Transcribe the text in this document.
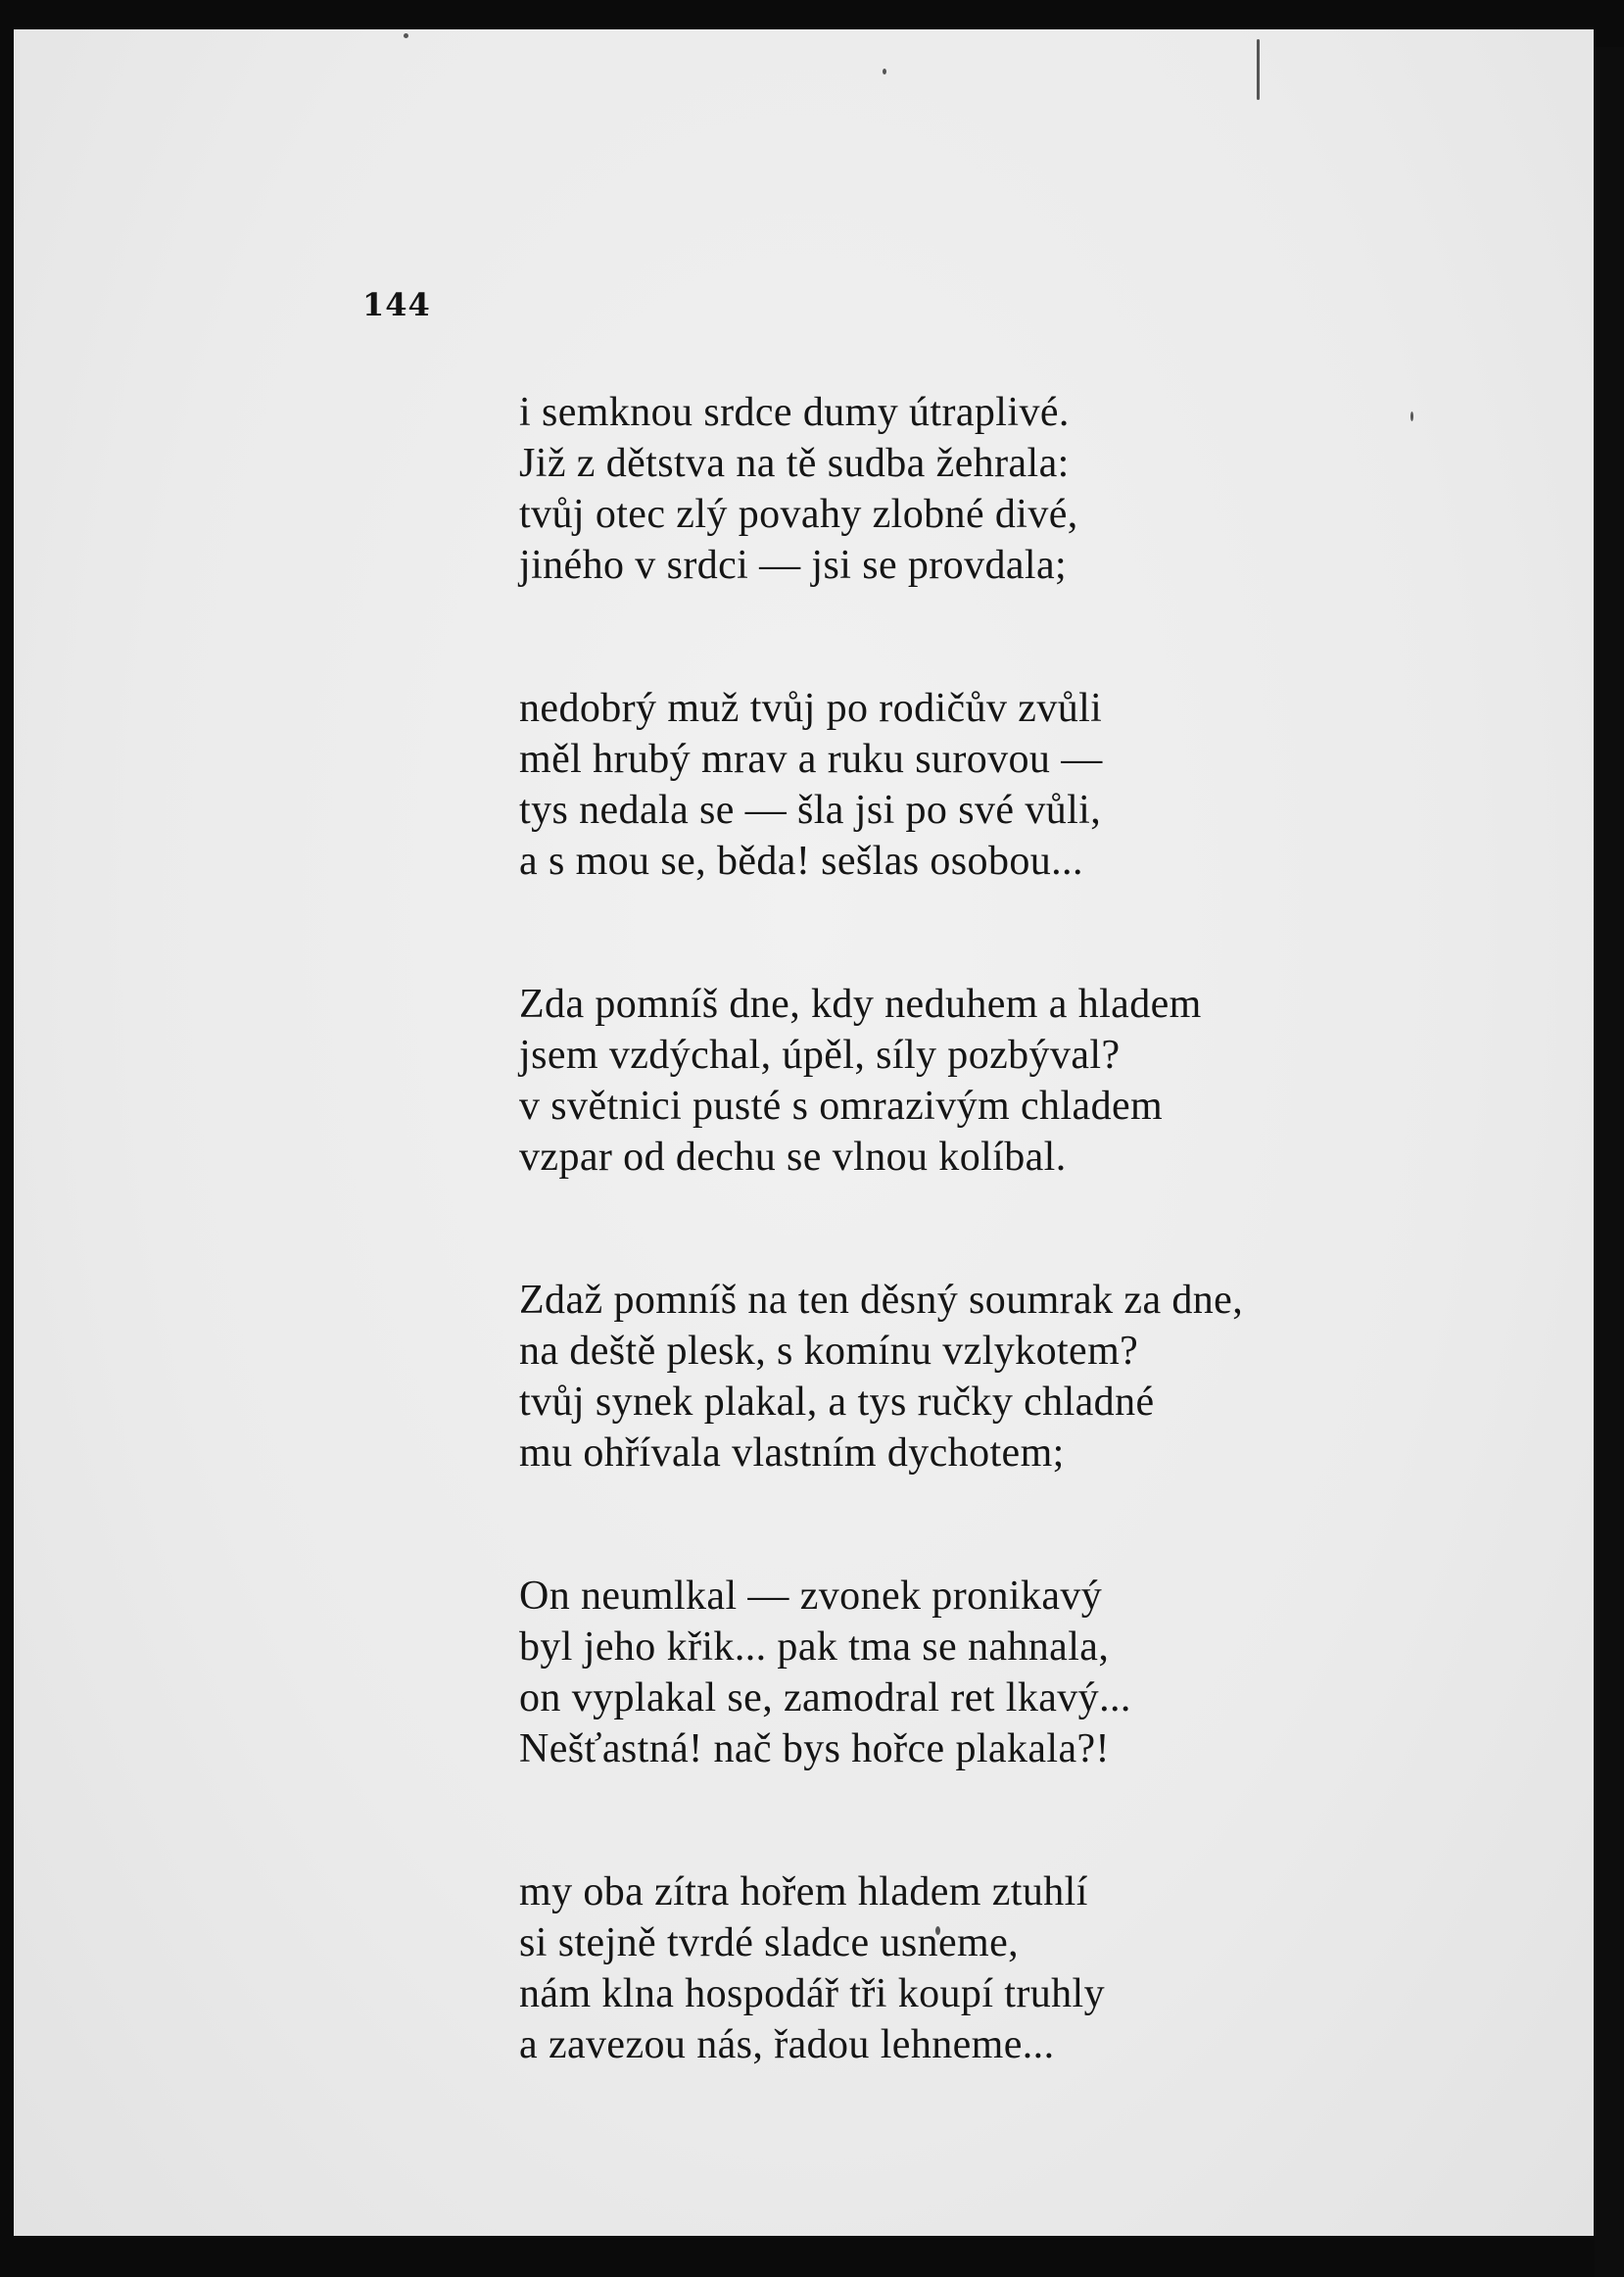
144
i semknou srdce dumy útraplivé.
Již z dětstva na tě sudba žehrala:
tvůj otec zlý povahy zlobné divé,
jiného v srdci — jsi se provdala;
nedobrý muž tvůj po rodičův zvůli
měl hrubý mrav a ruku surovou —
tys nedala se — šla jsi po své vůli,
a s mou se, běda! sešlas osobou...
Zda pomníš dne, kdy neduhem a hladem
jsem vzdýchal, úpěl, síly pozbýval?
v světnici pusté s omrazivým chladem
vzpar od dechu se vlnou kolíbal.
Zdaž pomníš na ten děsný soumrak za dne,
na deště plesk, s komínu vzlykotem?
tvůj synek plakal, a tys ručky chladné
mu ohřívala vlastním dychotem;
On neumlkal — zvonek pronikavý
byl jeho křik... pak tma se nahnala,
on vyplakal se, zamodral ret lkavý...
Nešťastná! nač bys hořce plakala?!
my oba zítra hořem hladem ztuhlí
si stejně tvrdé sladce usneme,
nám klna hospodář tři koupí truhly
a zavezou nás, řadou lehneme...
